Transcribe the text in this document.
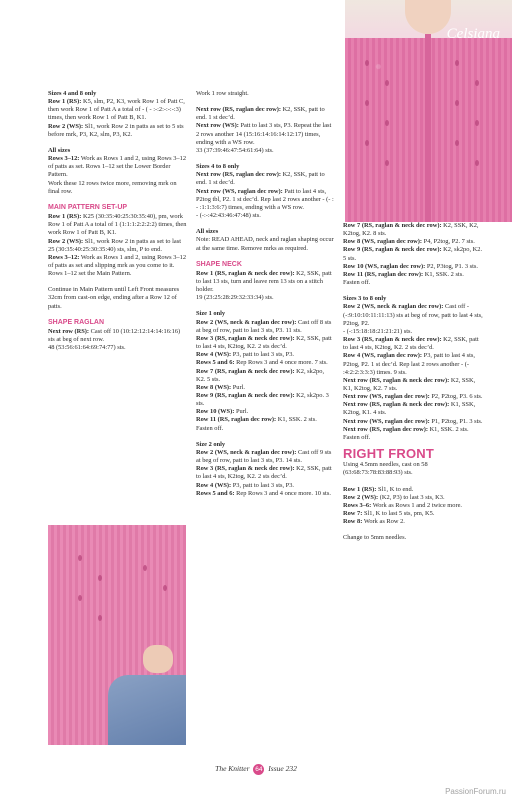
Celsiana

Sizes 4 and 8 only

Row 1 (RS): K5, slm, P2, K3, work Row 1 of Patt C, then work Row 1 of Patt A a total of - ( - :-:2:-:-:-:3) times, then work Row 1 of Patt B, K1.

Row 2 (WS): Sl1, work Row 2 in patts as set to 5 sts before mrk, P3, K2, slm, P3, K2.

All sizes

Rows 3–12: Work as Rows 1 and 2, using Rows 3–12 of patts as set. Rows 1–12 set the Lower Border Pattern.

Work these 12 rows twice more, removing mrk on final row.

MAIN PATTERN SET-UP

Row 1 (RS): K25 (30:35:40:25:30:35:40), pm, work Row 1 of Patt A a total of 1 (1:1:1:2:2:2:2) times, then work Row 1 of Patt B, K1.

Row 2 (WS): Sl1, work Row 2 in patts as set to last 25 (30:35:40:25:30:35:40) sts, slm, P to end.

Rows 3–12: Work as Rows 1 and 2, using Rows 3–12 of patts as set and slipping mrk as you come to it. Rows 1–12 set the Main Pattern.

Continue in Main Pattern until Left Front measures 32cm from cast-on edge, ending after a Row 12 of patts.

SHAPE RAGLAN

Next row (RS): Cast off 10 (10:12:12:14:14:16:16) sts at beg of next row.

48 (53:56:61:64:69:74:77) sts.

Work 1 row straight.

Next row (RS, raglan dec row): K2, SSK, patt to end. 1 st dec’d.

Next row (WS): Patt to last 3 sts, P3. Repeat the last 2 rows another 14 (15:16:14:16:14:12:17) times, ending with a WS row.

33 (37:39:46:47:54:61:64) sts.

Sizes 4 to 8 only

Next row (RS, raglan dec row): K2, SSK, patt to end. 1 st dec’d.

Next row (WS, raglan dec row): Patt to last 4 sts, P2tog tbl, P2. 1 st dec’d. Rep last 2 rows another - (- : - :1:1:3:6:7) times, ending with a WS row.

- (-:-:42:43:46:47:48) sts.

All sizes

Note: READ AHEAD, neck and raglan shaping occur at the same time. Remove mrks as required.

SHAPE NECK

Row 1 (RS, raglan & neck dec row): K2, SSK, patt to last 13 sts, turn and leave rem 13 sts on a stitch holder.

19 (23:25:28:29:32:33:34) sts.

Size 1 only

Row 2 (WS, neck & raglan dec row): Cast off 8 sts at beg of row, patt to last 3 sts, P3. 11 sts.

Row 3 (RS, raglan & neck dec row): K2, SSK, patt to last 4 sts, K2tog, K2. 2 sts dec’d.

Row 4 (WS): P3, patt to last 3 sts, P3.

Rows 5 and 6: Rep Rows 3 and 4 once more. 7 sts.

Row 7 (RS, raglan & neck dec row): K2, sk2po, K2. 5 sts.

Row 8 (WS): Purl.

Row 9 (RS, raglan & neck dec row): K2, sk2po. 3 sts.

Row 10 (WS): Purl.

Row 11 (RS, raglan dec row): K1, SSK. 2 sts.

Fasten off.

Size 2 only

Row 2 (WS, neck & raglan dec row): Cast off 9 sts at beg of row, patt to last 3 sts, P3. 14 sts.

Row 3 (RS, raglan & neck dec row): K2, SSK, patt to last 4 sts, K2tog, K2. 2 sts dec’d.

Row 4 (WS): P3, patt to last 3 sts, P3.

Rows 5 and 6: Rep Rows 3 and 4 once more. 10 sts.

Row 7 (RS, raglan & neck dec row): K2, SSK, K2, K2tog, K2. 8 sts.

Row 8 (WS, raglan dec row): P4, P2tog, P2. 7 sts.

Row 9 (RS, raglan & neck dec row): K2, sk2po, K2. 5 sts.

Row 10 (WS, raglan dec row): P2, P3tog, P1. 3 sts.

Row 11 (RS, raglan dec row): K1, SSK. 2 sts.

Fasten off.

Sizes 3 to 8 only

Row 2 (WS, neck & raglan dec row): Cast off - (-:9:10:10:11:11:13) sts at beg of row, patt to last 4 sts, P2tog, P2.

- (-:15:18:18:21:21:21) sts.

Row 3 (RS, raglan & neck dec row): K2, SSK, patt to last 4 sts, K2tog, K2. 2 sts dec’d.

Row 4 (WS, raglan dec row): P3, patt to last 4 sts, P2tog, P2. 1 st dec’d. Rep last 2 rows another - (- :4:2:2:3:3:3) times. 9 sts.

Next row (RS, raglan & neck dec row): K2, SSK, K1, K2tog, K2. 7 sts.

Next row (WS, raglan dec row): P2, P2tog, P3. 6 sts.

Next row (RS, raglan & neck dec row): K1, SSK, K2tog, K1. 4 sts.

Next row (WS, raglan dec row): P1, P2tog, P1. 3 sts.

Next row (RS, raglan dec row): K1, SSK. 2 sts.

Fasten off.

RIGHT FRONT

Using 4.5mm needles, cast on 58 (63:68:73:78:83:88:93) sts.

Row 1 (RS): Sl1, K to end.

Row 2 (WS): (K2, P3) to last 3 sts, K3.

Rows 3–6: Work as Rows 1 and 2 twice more.

Row 7: Sl1, K to last 5 sts, pm, K5.

Row 8: Work as Row 2.

Change to 5mm needles.

The Knitter 64 Issue 232
PassionForum.ru
